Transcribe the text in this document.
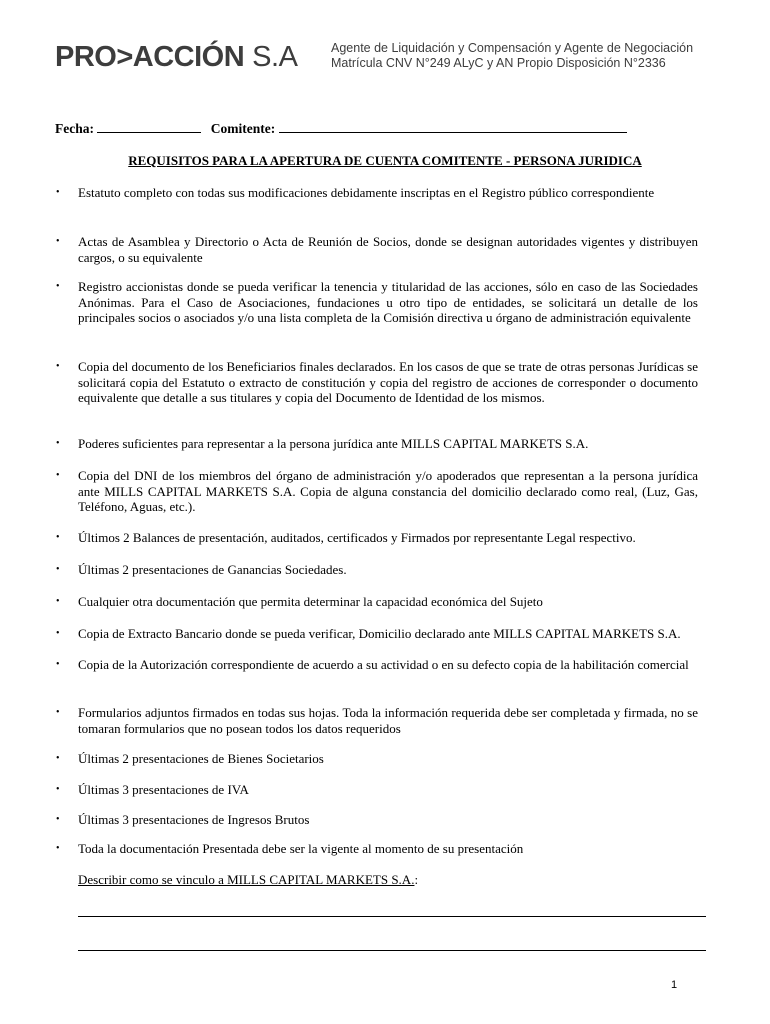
PRO>ACCIÓN S.A	Agente de Liquidación y Compensación y Agente de Negociación
Matrícula CNV N°249 ALyC y AN Propio Disposición N°2336
Fecha:	Comitente:
REQUISITOS PARA LA APERTURA DE CUENTA COMITENTE - PERSONA JURIDICA
• Estatuto completo con todas sus modificaciones debidamente inscriptas en el Registro público correspondiente
• Actas de Asamblea y Directorio o Acta de Reunión de Socios, donde se designan autoridades vigentes y distribuyen cargos, o su equivalente
• Registro accionistas donde se pueda verificar la tenencia y titularidad de las acciones, sólo en caso de las Sociedades Anónimas. Para el Caso de Asociaciones, fundaciones u otro tipo de entidades, se solicitará un detalle de los principales socios o asociados y/o una lista completa de la Comisión directiva u órgano de administración equivalente
• Copia del documento de los Beneficiarios finales declarados. En los casos de que se trate de otras personas Jurídicas se solicitará copia del Estatuto o extracto de constitución y copia del registro de acciones de corresponder o documento equivalente que detalle a sus titulares y copia del Documento de Identidad de los mismos.
• Poderes suficientes para representar a la persona jurídica ante MILLS CAPITAL MARKETS S.A.
• Copia del DNI de los miembros del órgano de administración y/o apoderados que representan a la persona jurídica ante MILLS CAPITAL MARKETS S.A. Copia de alguna constancia del domicilio declarado como real, (Luz, Gas, Teléfono, Aguas, etc.).
• Últimos 2 Balances de presentación, auditados, certificados y Firmados por representante Legal respectivo.
• Últimas 2 presentaciones de Ganancias Sociedades.
• Cualquier otra documentación que permita determinar la capacidad económica del Sujeto
• Copia de Extracto Bancario donde se pueda verificar, Domicilio declarado ante MILLS CAPITAL MARKETS S.A.
• Copia de la Autorización correspondiente de acuerdo a su actividad o en su defecto copia de la habilitación comercial
• Formularios adjuntos firmados en todas sus hojas. Toda la información requerida debe ser completada y firmada, no se tomaran formularios que no posean todos los datos requeridos
• Últimas 2 presentaciones de Bienes Societarios
• Últimas 3 presentaciones de IVA
• Últimas 3 presentaciones de Ingresos Brutos
• Toda la documentación Presentada debe ser la vigente al momento de su presentación
Describir como se vinculo a MILLS CAPITAL MARKETS S.A.:
1
